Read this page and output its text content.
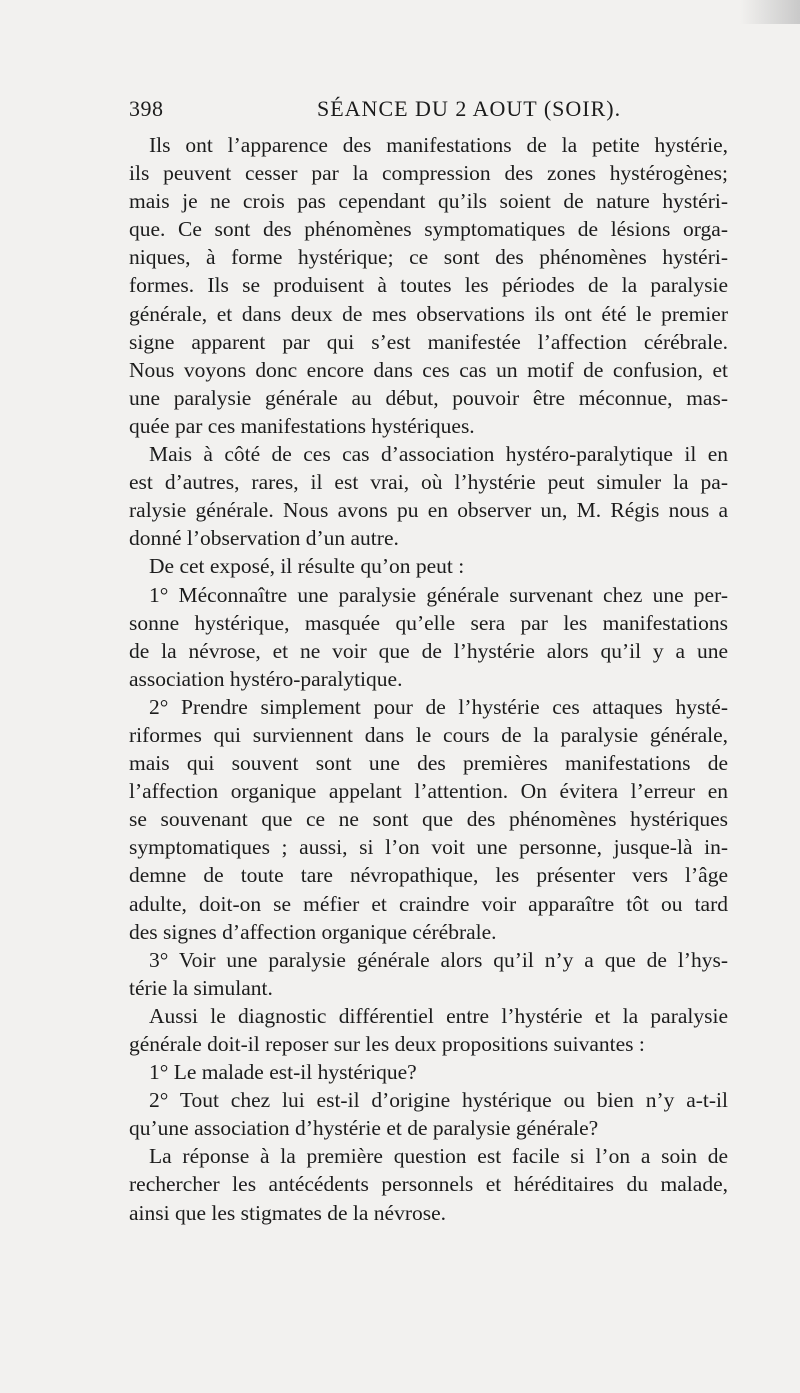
398	SÉANCE DU 2 AOUT (SOIR).
Ils ont l’apparence des manifestations de la petite hystérie,
ils peuvent cesser par la compression des zones hystérogènes;
mais je ne crois pas cependant qu’ils soient de nature hystéri-
que. Ce sont des phénomènes symptomatiques de lésions orga-
niques, à forme hystérique; ce sont des phénomènes hystéri-
formes. Ils se produisent à toutes les périodes de la paralysie
générale, et dans deux de mes observations ils ont été le premier
signe apparent par qui s’est manifestée l’affection cérébrale.
Nous voyons donc encore dans ces cas un motif de confusion, et
une paralysie générale au début, pouvoir être méconnue, mas-
quée par ces manifestations hystériques.
Mais à côté de ces cas d’association hystéro-paralytique il en
est d’autres, rares, il est vrai, où l’hystérie peut simuler la pa-
ralysie générale. Nous avons pu en observer un, M. Régis nous a
donné l’observation d’un autre.
De cet exposé, il résulte qu’on peut :
1° Méconnaître une paralysie générale survenant chez une per-
sonne hystérique, masquée qu’elle sera par les manifestations
de la névrose, et ne voir que de l’hystérie alors qu’il y a une
association hystéro-paralytique.
2° Prendre simplement pour de l’hystérie ces attaques hysté-
riformes qui surviennent dans le cours de la paralysie générale,
mais qui souvent sont une des premières manifestations de
l’affection organique appelant l’attention. On évitera l’erreur en
se souvenant que ce ne sont que des phénomènes hystériques
symptomatiques ; aussi, si l’on voit une personne, jusque-là in-
demne de toute tare névropathique, les présenter vers l’âge
adulte, doit-on se méfier et craindre voir apparaître tôt ou tard
des signes d’affection organique cérébrale.
3° Voir une paralysie générale alors qu’il n’y a que de l’hys-
térie la simulant.
Aussi le diagnostic différentiel entre l’hystérie et la paralysie
générale doit-il reposer sur les deux propositions suivantes :
1° Le malade est-il hystérique?
2° Tout chez lui est-il d’origine hystérique ou bien n’y a-t-il
qu’une association d’hystérie et de paralysie générale?
La réponse à la première question est facile si l’on a soin de
rechercher les antécédents personnels et héréditaires du malade,
ainsi que les stigmates de la névrose.
